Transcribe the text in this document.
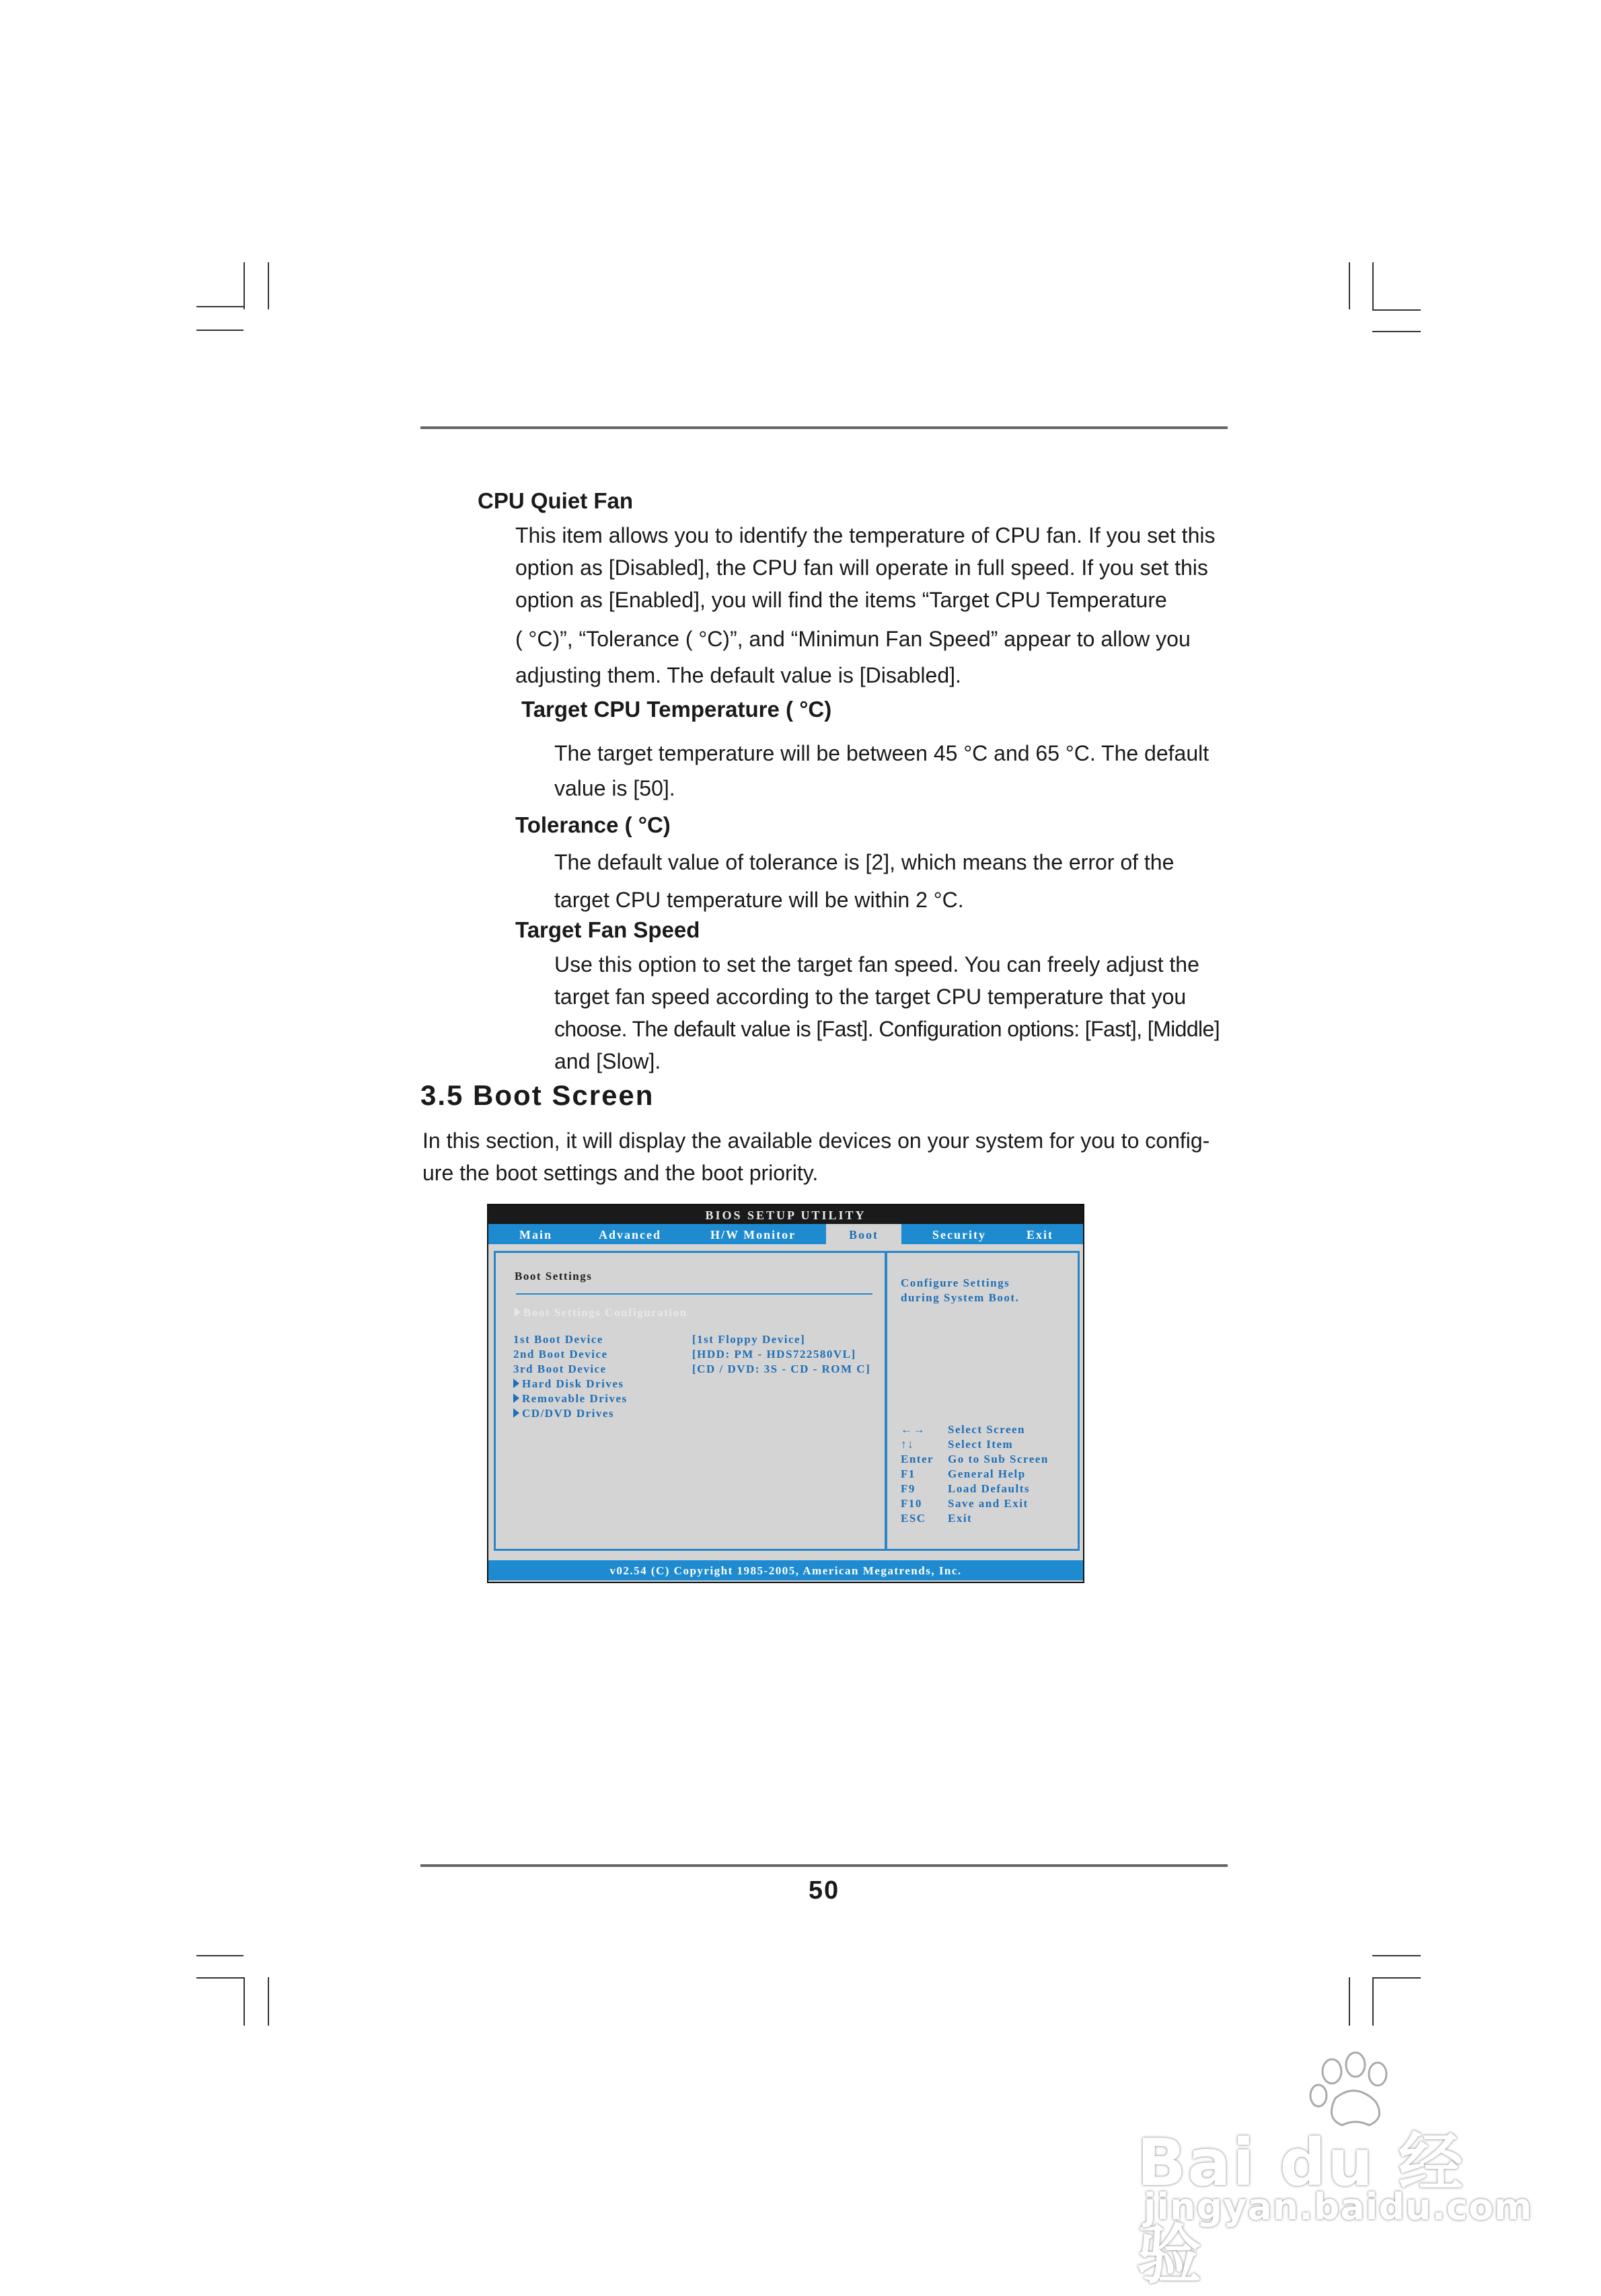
CPU Quiet Fan
This item allows you to identify the temperature of CPU fan. If you set this
option as [Disabled], the CPU fan will operate in full speed. If you set this
option as [Enabled], you will find the items “Target CPU Temperature
( °C)”, “Tolerance ( °C)”, and “Minimun Fan Speed” appear to allow you
adjusting them. The default value is [Disabled].
Target CPU Temperature ( °C)
The target temperature will be between 45 °C and 65 °C. The default
value is [50].
Tolerance ( °C)
The default value of tolerance is [2], which means the error of the
target CPU temperature will be within 2 °C.
Target Fan Speed
Use this option to set the target fan speed. You can freely adjust the
target fan speed according to the target CPU temperature that you
choose. The default value is [Fast]. Configuration options: [Fast], [Middle]
and [Slow].
3.5 Boot Screen
In this section, it will display the available devices on your system for you to config-
ure the boot settings and the boot priority.
BIOS SETUP UTILITY
Main	Advanced	H/W Monitor	Boot	Security	Exit
Boot Settings
Boot Settings Configuration
1st Boot Device	[1st Floppy Device]
2nd Boot Device	[HDD: PM - HDS722580VL]
3rd Boot Device	[CD / DVD: 3S - CD - ROM C]
Hard Disk Drives
Removable Drives
CD/DVD Drives
Configure Settings
during System Boot.
←→ Select Screen
↑↓	Select Item
Enter Go to Sub Screen
F1	General Help
F9	Load Defaults
F10 Save and Exit
ESC Exit
v02.54 (C) Copyright 1985-2005, American Megatrends, Inc.
50
Bai du 经验
jingyan.baidu.com
